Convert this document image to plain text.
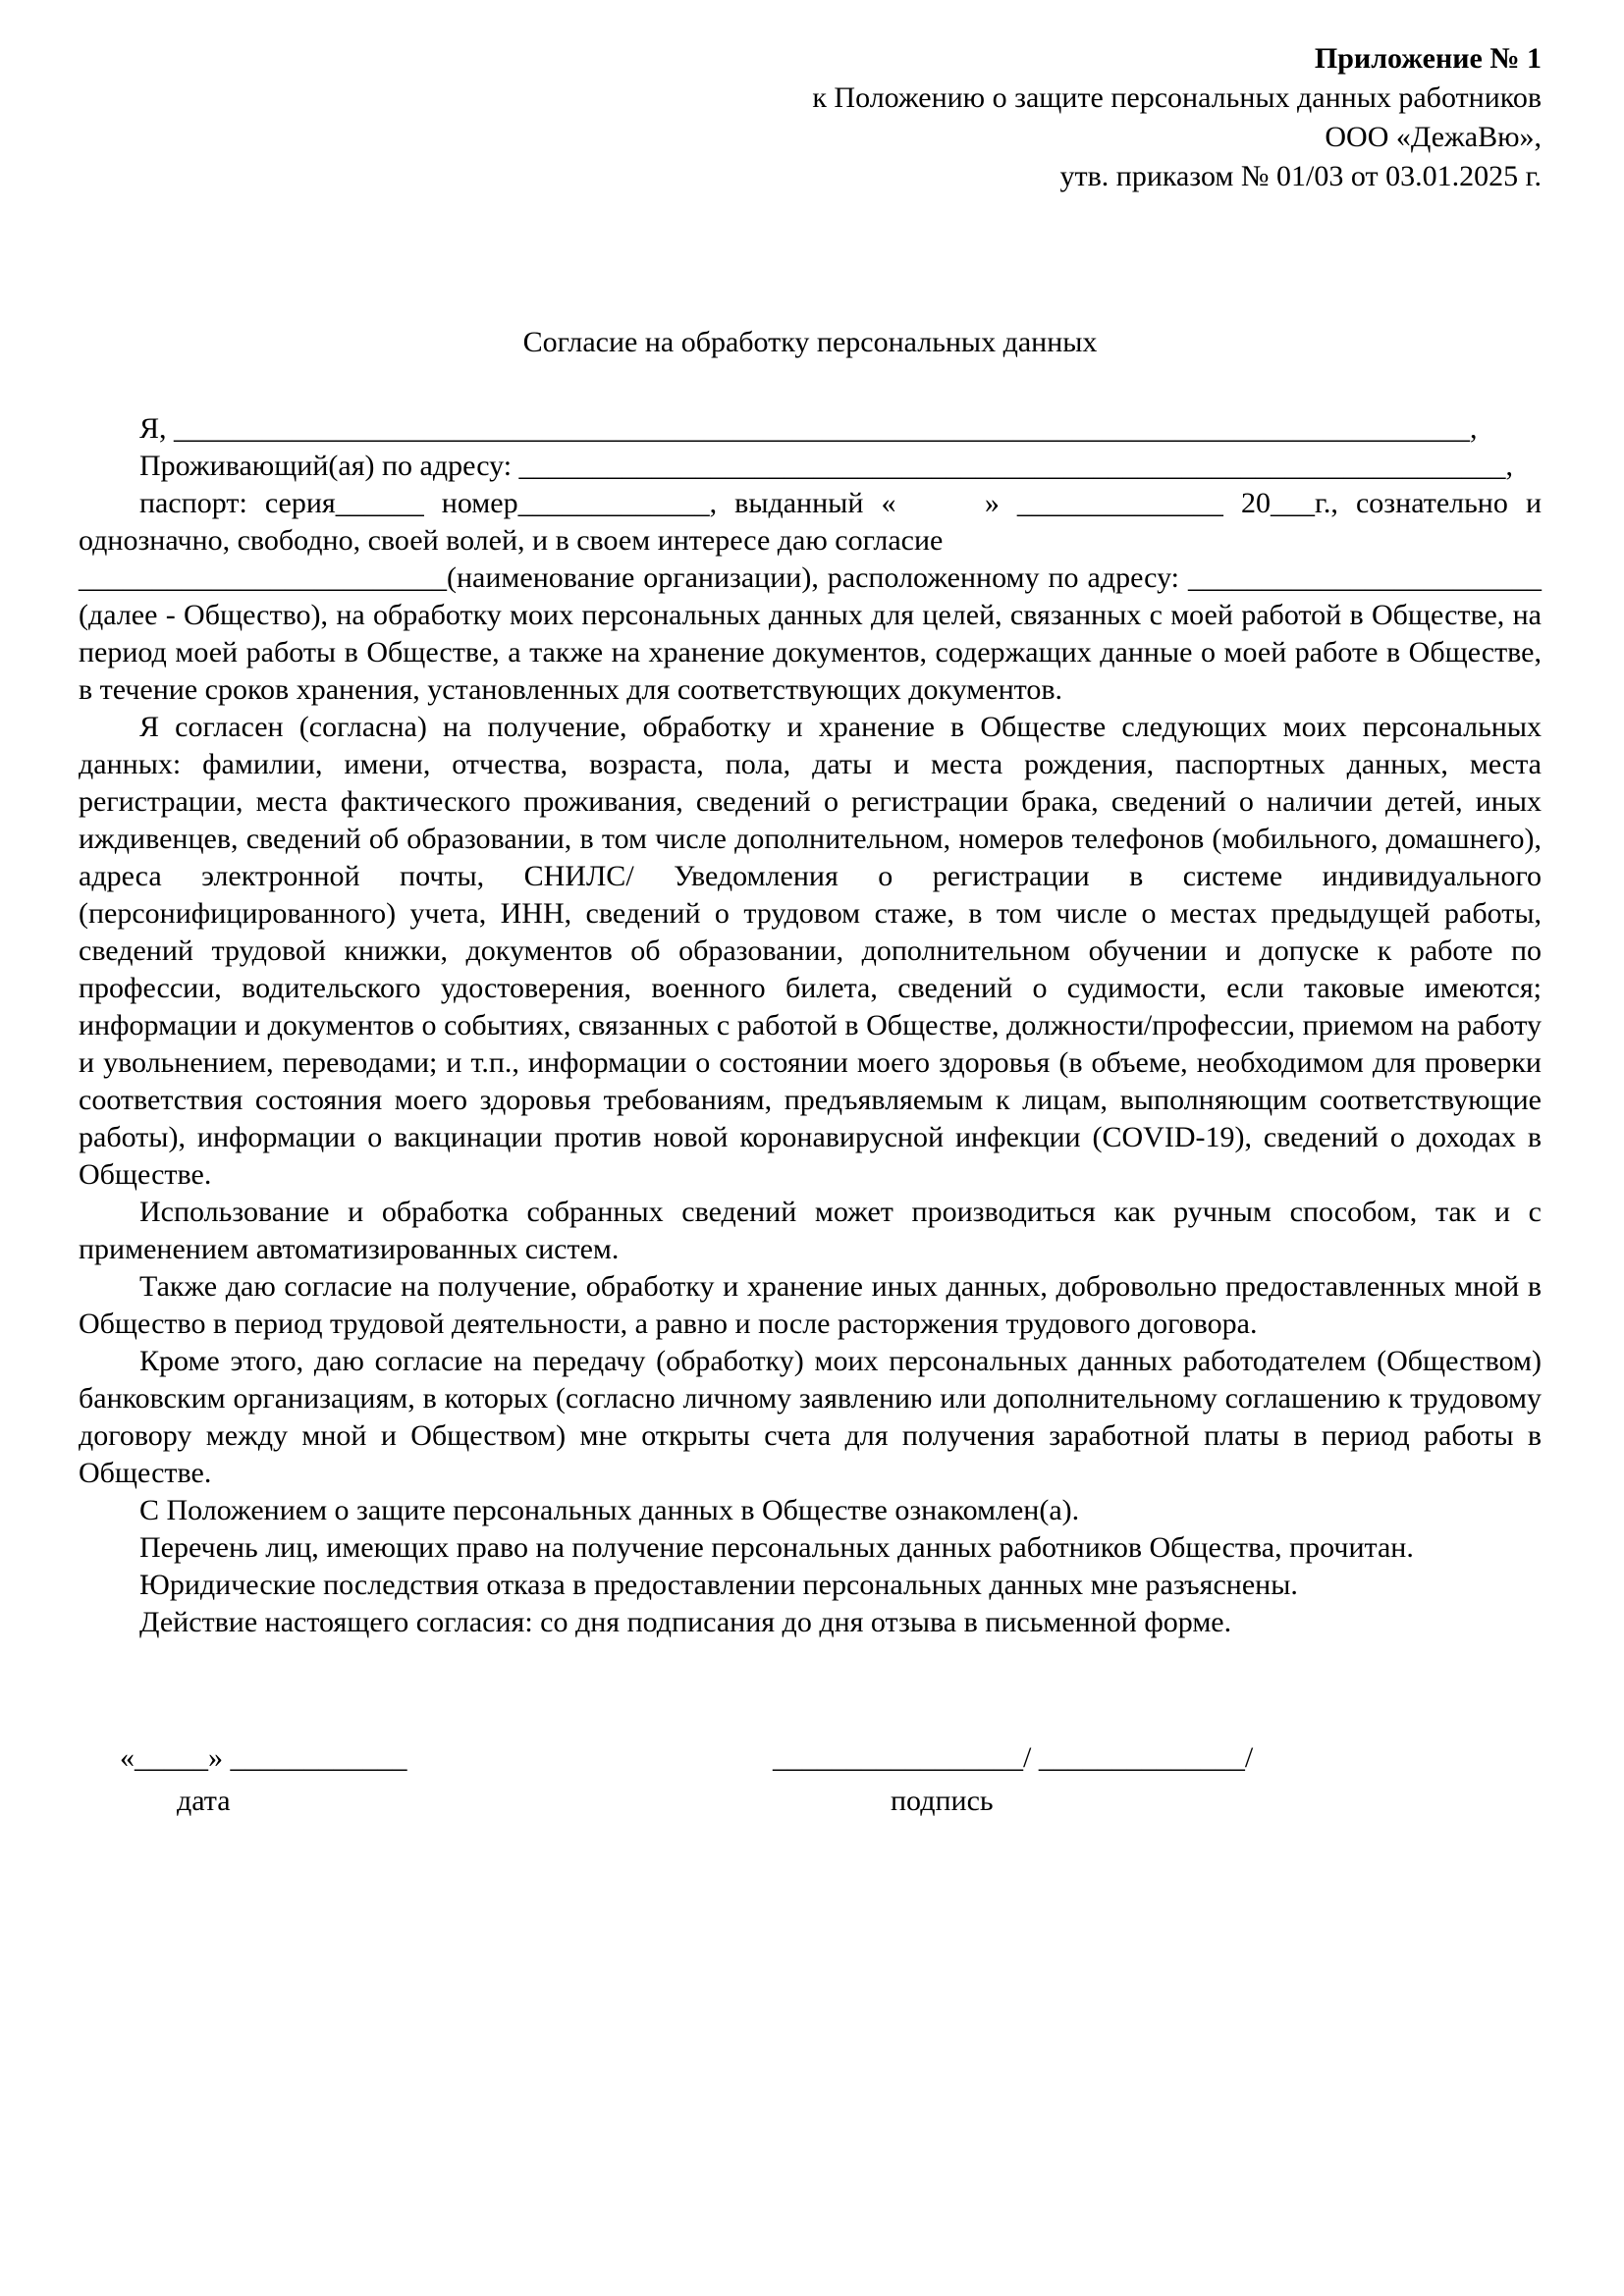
Приложение № 1
к Положению о защите персональных данных работников
ООО «ДежаВю»,
утв. приказом № 01/03 от 03.01.2025 г.
Согласие на обработку персональных данных

Я, ________________________________________________________________________________________,

Проживающий(ая) по адресу: ___________________________________________________________________,

паспорт: серия______ номер_____________, выданный «     » ______________ 20___г., сознательно и однозначно, свободно, своей волей, и в своем интересе даю согласие

_________________________(наименование организации), расположенному по адресу: ________________________ (далее - Общество), на обработку моих персональных данных для целей, связанных с моей работой в Обществе, на период моей работы в Обществе, а также на хранение документов, содержащих данные о моей работе в Обществе, в течение сроков хранения, установленных для соответствующих документов.

Я согласен (согласна) на получение, обработку и хранение в Обществе следующих моих персональных данных: фамилии, имени, отчества, возраста, пола, даты и места рождения, паспортных данных, места регистрации, места фактического проживания, сведений о регистрации брака, сведений о наличии детей, иных иждивенцев, сведений об образовании, в том числе дополнительном, номеров телефонов (мобильного, домашнего), адреса электронной почты, СНИЛС/ Уведомления о регистрации в системе индивидуального (персонифицированного) учета, ИНН, сведений о трудовом стаже, в том числе о местах предыдущей работы, сведений трудовой книжки, документов об образовании, дополнительном обучении и допуске к работе по профессии, водительского удостоверения, военного билета, сведений о судимости, если таковые имеются; информации и документов о событиях, связанных с работой в Обществе, должности/профессии, приемом на работу и увольнением, переводами; и т.п., информации о состоянии моего здоровья (в объеме, необходимом для проверки соответствия состояния моего здоровья требованиям, предъявляемым к лицам, выполняющим соответствующие работы), информации о вакцинации против новой коронавирусной инфекции (COVID-19), сведений о доходах в Обществе.

Использование и обработка собранных сведений может производиться как ручным способом, так и с применением автоматизированных систем.

Также даю согласие на получение, обработку и хранение иных данных, добровольно предоставленных мной в Общество в период трудовой деятельности, а равно и после расторжения трудового договора.

Кроме этого, даю согласие на передачу (обработку) моих персональных данных работодателем (Обществом) банковским организациям, в которых (согласно личному заявлению или дополнительному соглашению к трудовому договору между мной и Обществом) мне открыты счета для получения заработной платы в период работы в Обществе.

С Положением о защите персональных данных в Обществе ознакомлен(а).

Перечень лиц, имеющих право на получение персональных данных работников Общества, прочитан.

Юридические последствия отказа в предоставлении персональных данных мне разъяснены.

Действие настоящего согласия: со дня подписания до дня отзыва в письменной форме.

«_____» ____________
дата
_________________/ ______________/
подпись
